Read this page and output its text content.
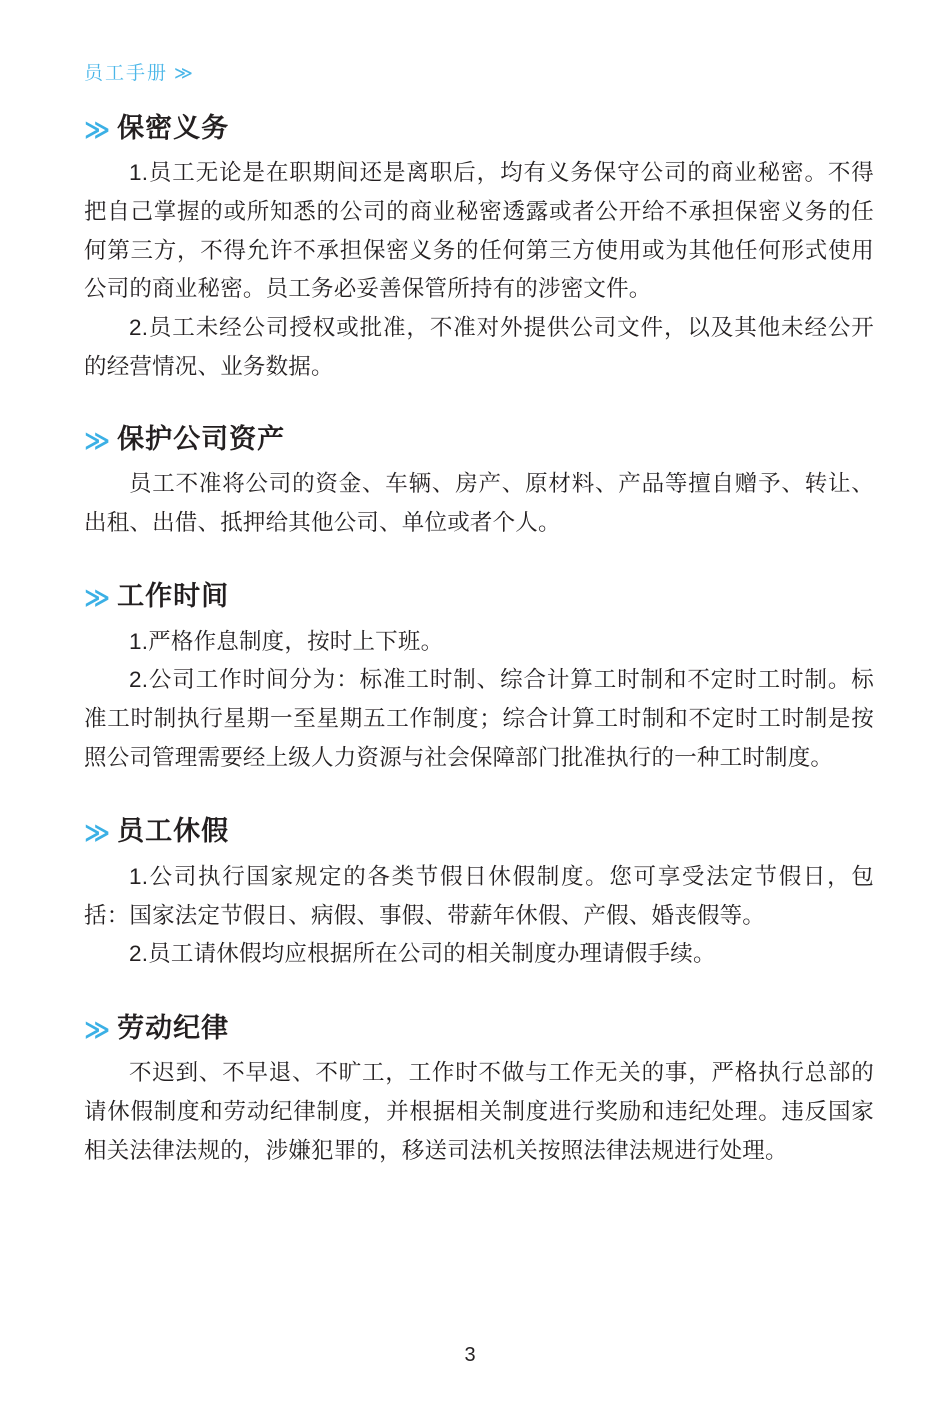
员工手册 ≫
≫ 保密义务

1.员工无论是在职期间还是离职后，均有义务保守公司的商业秘密。不得把自己掌握的或所知悉的公司的商业秘密透露或者公开给不承担保密义务的任何第三方，不得允许不承担保密义务的任何第三方使用或为其他任何形式使用公司的商业秘密。员工务必妥善保管所持有的涉密文件。

2.员工未经公司授权或批准，不准对外提供公司文件，以及其他未经公开的经营情况、业务数据。

≫ 保护公司资产

员工不准将公司的资金、车辆、房产、原材料、产品等擅自赠予、转让、出租、出借、抵押给其他公司、单位或者个人。

≫ 工作时间

1.严格作息制度，按时上下班。

2.公司工作时间分为：标准工时制、综合计算工时制和不定时工时制。标准工时制执行星期一至星期五工作制度；综合计算工时制和不定时工时制是按照公司管理需要经上级人力资源与社会保障部门批准执行的一种工时制度。

≫ 员工休假

1.公司执行国家规定的各类节假日休假制度。您可享受法定节假日，包括：国家法定节假日、病假、事假、带薪年休假、产假、婚丧假等。

2.员工请休假均应根据所在公司的相关制度办理请假手续。

≫ 劳动纪律

不迟到、不早退、不旷工，工作时不做与工作无关的事，严格执行总部的请休假制度和劳动纪律制度，并根据相关制度进行奖励和违纪处理。违反国家相关法律法规的，涉嫌犯罪的，移送司法机关按照法律法规进行处理。

3
